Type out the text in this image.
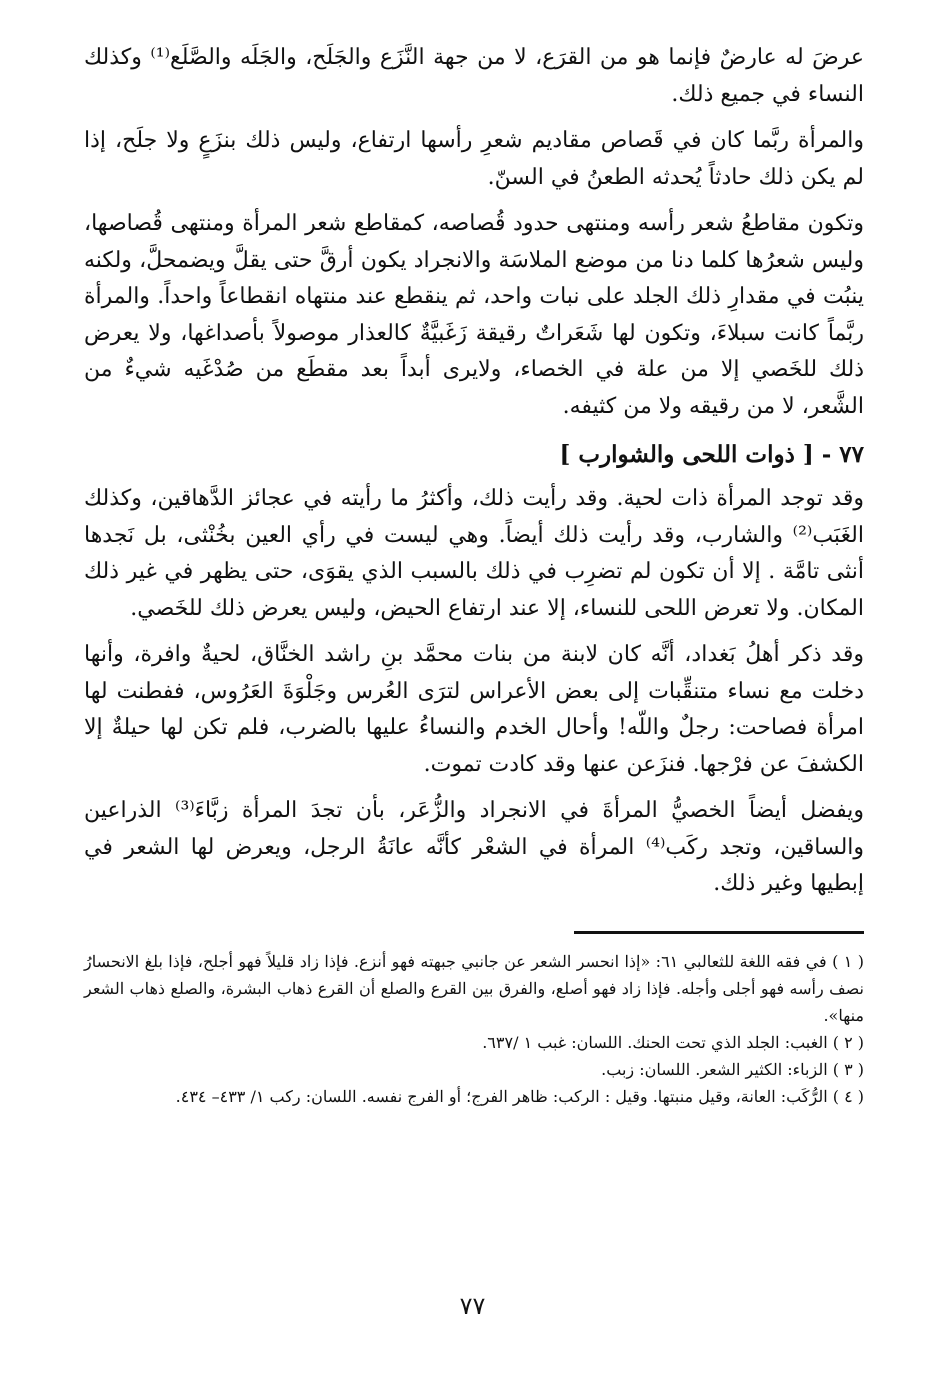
عرضَ له عارضٌ فإنما هو من القرَع، لا من جهة النَّزَع والجَلَح، والجَلَه والصَّلَع⁽¹⁾ وكذلك النساء في جميع ذلك.

والمرأة ربَّما كان في قَصاص مقاديم شعرِ رأسها ارتفاع، وليس ذلك بنزَعٍ ولا جلَح، إذا لم يكن ذلك حادثاً يُحدثه الطعنُ في السنّ.

وتكون مقاطعُ شعر رأسه ومنتهى حدود قُصاصه، كمقاطع شعر المرأة ومنتهى قُصاصها، وليس شعرُها كلما دنا من موضع الملاسَة والانجراد يكون أرقَّ حتى يقلَّ ويضمحلَّ، ولكنه ينبُت في مقدارِ ذلك الجلد على نبات واحد، ثم ينقطع عند منتهاه انقطاعاً واحداً. والمرأة ربَّماً كانت سبلاءَ، وتكون لها شَعَراتٌ رقيقة زَغَبيَّةٌ كالعذار موصولاً بأصداغها، ولا يعرض ذلك للخَصي إلا من علة في الخصاء، ولايرى أبداً بعد مقطَع من صُدْغَيه شيءٌ من الشَّعر، لا من رقيقه ولا من كثيفه.

٧٧ - [ ذوات اللحى والشوارب ]

وقد توجد المرأة ذات لحية. وقد رأيت ذلك، وأكثرُ ما رأيته في عجائز الدَّهاقين، وكذلك الغَبَب⁽²⁾ والشارب، وقد رأيت ذلك أيضاً. وهي ليست في رأي العين بخُنْثى، بل نَجدها أنثى تامَّة . إلا أن تكون لم تضرِب في ذلك بالسبب الذي يقوَى، حتى يظهر في غير ذلك المكان. ولا تعرض اللحى للنساء، إلا عند ارتفاع الحيض، وليس يعرض ذلك للخَصي.

وقد ذكر أهلُ بَغداد، أنَّه كان لابنة من بنات محمَّد بنِ راشد الخنَّاق، لحيةٌ وافرة، وأنها دخلت مع نساء متنقِّبات إلى بعض الأعراس لترَى العُرس وجَلْوَةَ العَرُوس، ففطنت لها امرأة فصاحت: رجلٌ واللّه! وأحال الخدم والنساءُ عليها بالضرب، فلم تكن لها حيلةٌ إلا الكشفَ عن فرْجها. فنزَعن عنها وقد كادت تموت.

ويفضل أيضاً الخصيُّ المرأةَ في الانجراد والزُّعَر، بأن تجدَ المرأة زبَّاءَ⁽³⁾ الذراعين والساقين، وتجد ركَب⁽⁴⁾ المرأة في الشعْر كأنَّه عانَةُ الرجل، ويعرض لها الشعر في إبطيها وغير ذلك.

( ١ ) في فقه اللغة للثعالبي ٦١: «إذا انحسر الشعر عن جانبي جبهته فهو أنزع. فإذا زاد قليلاً فهو أجلح، فإذا بلغ الانحسارُ نصف رأسه فهو أجلى وأجله. فإذا زاد فهو أصلع، والفرق بين القرع والصلع أن القرع ذهاب البشرة، والصلع ذهاب الشعر منها».

( ٢ ) الغبب: الجلد الذي تحت الحنك. اللسان: غبب ١ /٦٣٧.

( ٣ ) الزباء: الكثير الشعر. اللسان: زبب.

( ٤ ) الرُّكَب: العانة، وقيل منبتها. وقيل : الركب: ظاهر الفرج؛ أو الفرج نفسه. اللسان: ركب ١/ ٤٣٣– ٤٣٤.

٧٧
